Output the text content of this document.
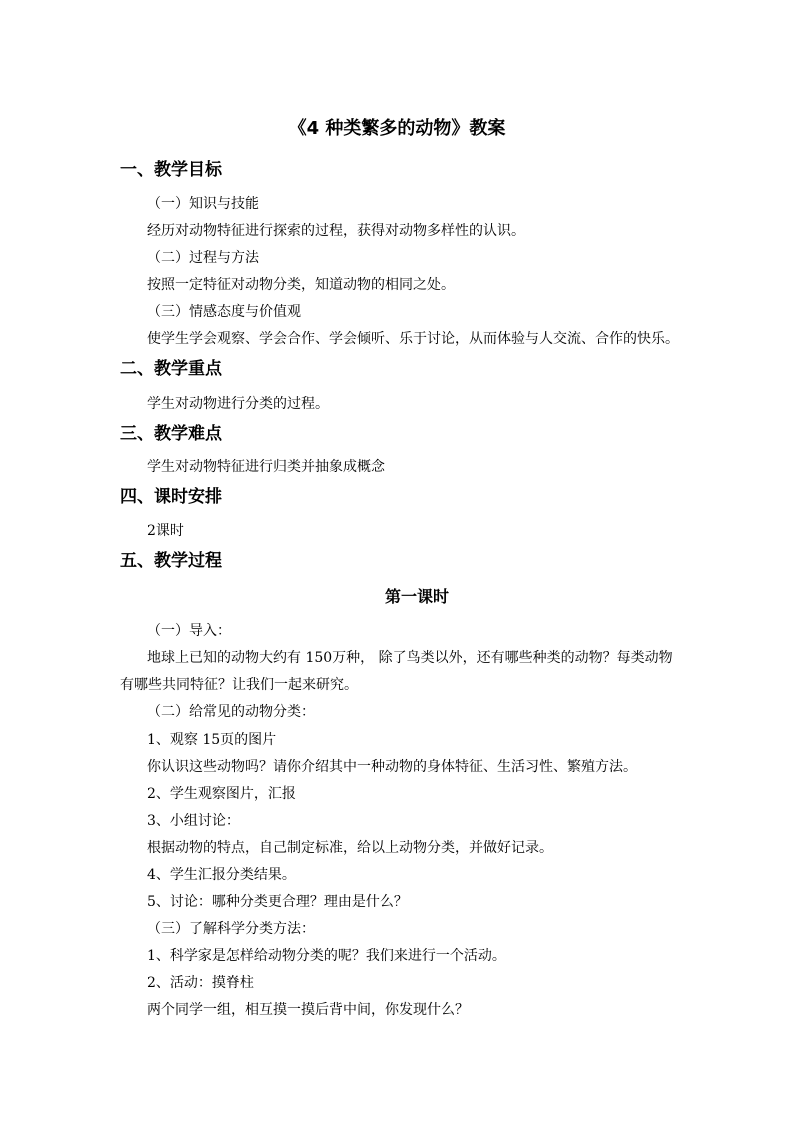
《4 种类繁多的动物》教案
一、教学目标
（一）知识与技能
经历对动物特征进行探索的过程，获得对动物多样性的认识。
（二）过程与方法
按照一定特征对动物分类，知道动物的相同之处。
（三）情感态度与价值观
使学生学会观察、学会合作、学会倾听、乐于讨论，从而体验与人交流、合作的快乐。
二、教学重点
学生对动物进行分类的过程。
三、教学难点
学生对动物特征进行归类并抽象成概念
四、课时安排
2课时
五、教学过程
第一课时
（一）导入：
地球上已知的动物大约有 150万种， 除了鸟类以外，还有哪些种类的动物？每类动物
有哪些共同特征？让我们一起来研究。
（二）给常见的动物分类：
1、观察 15页的图片
你认识这些动物吗？请你介绍其中一种动物的身体特征、生活习性、繁殖方法。
2、学生观察图片，汇报
3、小组讨论：
根据动物的特点，自己制定标准，给以上动物分类，并做好记录。
4、学生汇报分类结果。
5、讨论：哪种分类更合理？理由是什么？
（三）了解科学分类方法：
1、科学家是怎样给动物分类的呢？我们来进行一个活动。
2、活动：摸脊柱
两个同学一组，相互摸一摸后背中间，你发现什么？
